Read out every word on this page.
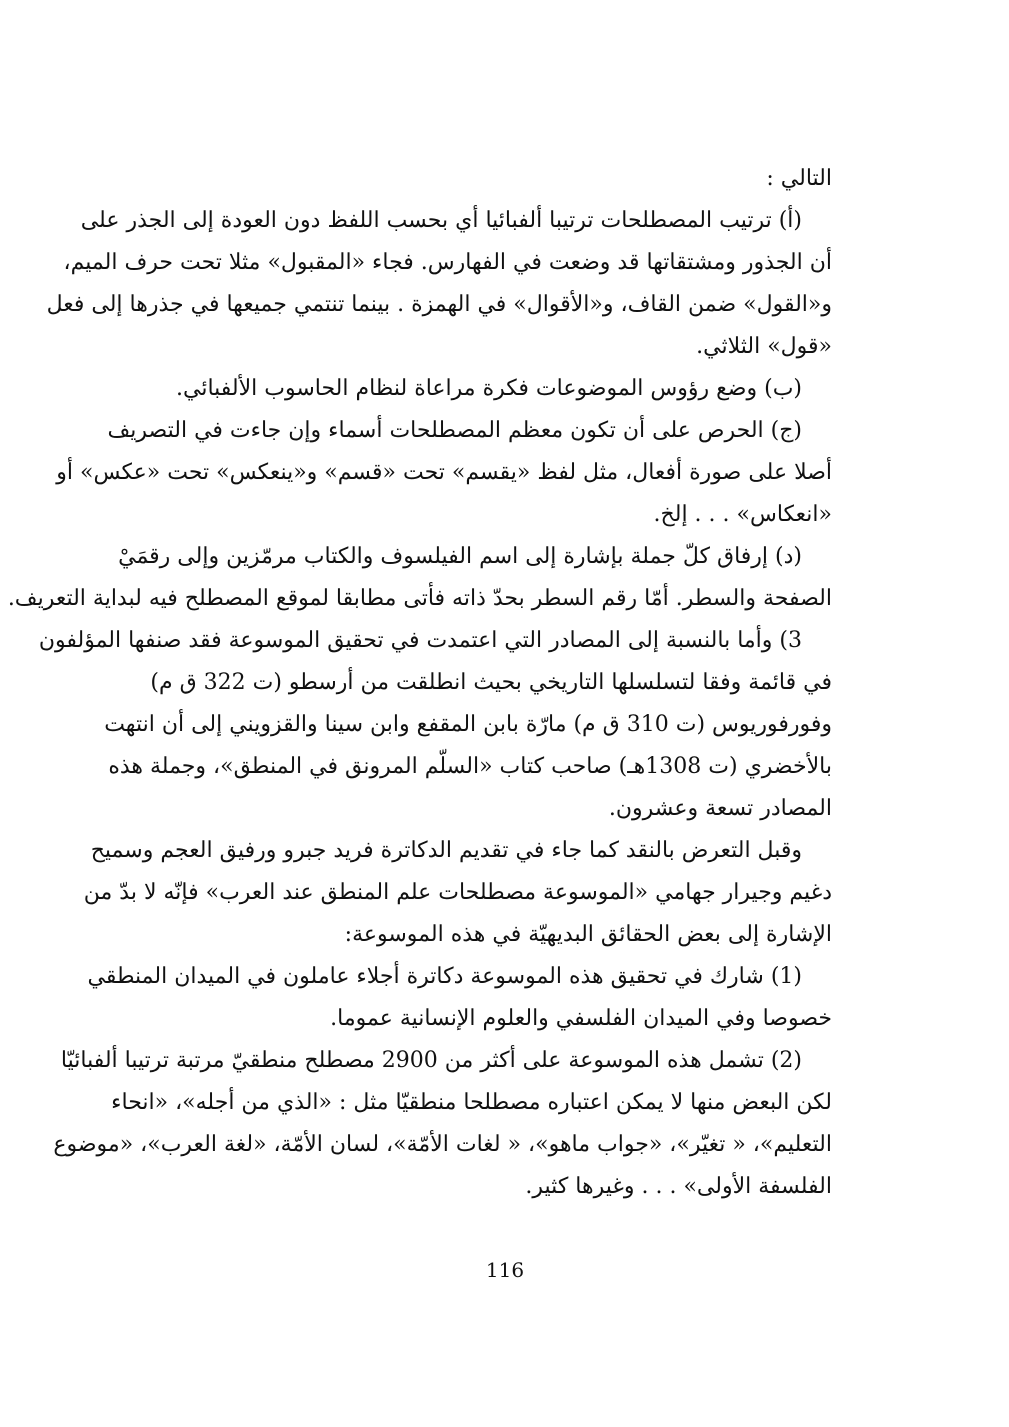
التالي :
(أ) ترتيب المصطلحات ترتيبا ألفبائيا أي بحسب اللفظ دون العودة إلى الجذر على
أن الجذور ومشتقاتها قد وضعت في الفهارس. فجاء «المقبول» مثلا تحت حرف الميم،
و«القول» ضمن القاف، و«الأقوال» في الهمزة . بينما تنتمي جميعها في جذرها إلى فعل
«قول» الثلاثي.
(ب) وضع رؤوس الموضوعات فكرة مراعاة لنظام الحاسوب الألفبائي.
(ج) الحرص على أن تكون معظم المصطلحات أسماء وإن جاءت في التصريف
أصلا على صورة أفعال، مثل لفظ «يقسم» تحت «قسم» و«ينعكس» تحت «عكس» أو
«انعكاس» . . . إلخ.
(د) إرفاق كلّ جملة بإشارة إلى اسم الفيلسوف والكتاب مرمّزين وإلى رقمَيْ
الصفحة والسطر. أمّا رقم السطر بحدّ ذاته فأتى مطابقا لموقع المصطلح فيه لبداية التعريف.
3) وأما بالنسبة إلى المصادر التي اعتمدت في تحقيق الموسوعة فقد صنفها المؤلفون
في قائمة وفقا لتسلسلها التاريخي بحيث انطلقت من أرسطو (ت 322 ق م)
وفورفوريوس (ت 310 ق م) مارّة بابن المقفع وابن سينا والقزويني إلى أن انتهت
بالأخضري (ت 1308هـ) صاحب كتاب «السلّم المرونق في المنطق»، وجملة هذه
المصادر تسعة وعشرون.
وقبل التعرض بالنقد كما جاء في تقديم الدكاترة فريد جبرو ورفيق العجم وسميح
دغيم وجيرار جهامي «الموسوعة مصطلحات علم المنطق عند العرب» فإنّه لا بدّ من
الإشارة إلى بعض الحقائق البديهيّة في هذه الموسوعة:
(1) شارك في تحقيق هذه الموسوعة دكاترة أجلاء عاملون في الميدان المنطقي
خصوصا وفي الميدان الفلسفي والعلوم الإنسانية عموما.
(2) تشمل هذه الموسوعة على أكثر من 2900 مصطلح منطقيّ مرتبة ترتيبا ألفبائيّا
لكن البعض منها لا يمكن اعتباره مصطلحا منطقيّا مثل : «الذي من أجله»، «انحاء
التعليم»، « تغيّر»، «جواب ماهو»، « لغات الأمّة»، لسان الأمّة، «لغة العرب»، «موضوع
الفلسفة الأولى» . . . وغيرها كثير.
116
